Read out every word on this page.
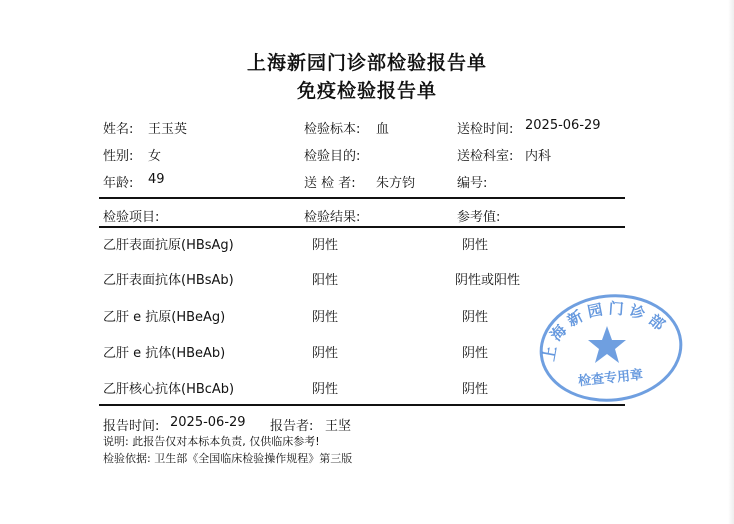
上海新园门诊部检验报告单
免疫检验报告单
姓名: 王玉英	检验标本: 血	送检时间: 2025-06-29
性别: 女	检验目的:	送检科室: 内科
年龄: 49	送 检 者: 朱方钧	编号:
检验项目:	检验结果:	参考值:
乙肝表面抗原(HBsAg)	阴性	阴性
乙肝表面抗体(HBsAb)	阳性	阴性或阳性
乙肝 e 抗原(HBeAg)	阴性	阴性
乙肝 e 抗体(HBeAb)	阴性	阴性
乙肝核心抗体(HBcAb)	阴性	阴性
报告时间: 2025-06-29 报告者: 王坚
说明: 此报告仅对本标本负责, 仅供临床参考!
检验依据: 卫生部《全国临床检验操作规程》第三版
上海新园门诊部
检查专用章
